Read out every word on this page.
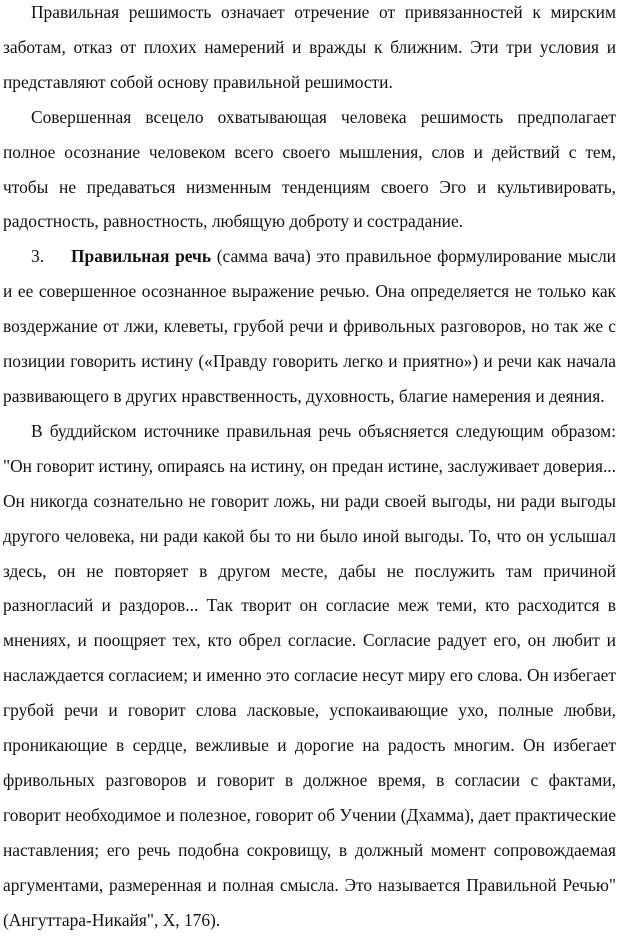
Правильная решимость означает отречение от привязанностей к мирским заботам, отказ от плохих намерений и вражды к ближним. Эти три условия и представляют собой основу правильной решимости.

Совершенная всецело охватывающая человека решимость предполагает полное осознание человеком всего своего мышления, слов и действий с тем, чтобы не предаваться низменным тенденциям своего Эго и культивировать, радостность, равностность, любящую доброту и сострадание.

3. Правильная речь (самма вача) это правильное формулирование мысли и ее совершенное осознанное выражение речью. Она определяется не только как воздержание от лжи, клеветы, грубой речи и фривольных разговоров, но так же с позиции говорить истину («Правду говорить легко и приятно») и речи как начала развивающего в других нравственность, духовность, благие намерения и деяния.

В буддийском источнике правильная речь объясняется следующим образом: "Он говорит истину, опираясь на истину, он предан истине, заслуживает доверия... Он никогда сознательно не говорит ложь, ни ради своей выгоды, ни ради выгоды другого человека, ни ради какой бы то ни было иной выгоды. То, что он услышал здесь, он не повторяет в другом месте, дабы не послужить там причиной разногласий и раздоров... Так творит он согласие меж теми, кто расходится в мнениях, и поощряет тех, кто обрел согласие. Согласие радует его, он любит и наслаждается согласием; и именно это согласие несут миру его слова. Он избегает грубой речи и говорит слова ласковые, успокаивающие ухо, полные любви, проникающие в сердце, вежливые и дорогие на радость многим. Он избегает фривольных разговоров и говорит в должное время, в согласии с фактами, говорит необходимое и полезное, говорит об Учении (Дхамма), дает практические наставления; его речь подобна сокровищу, в должный момент сопровождаемая аргументами, размеренная и полная смысла. Это называется Правильной Речью" (Ангуттара-Никайя", X, 176).
